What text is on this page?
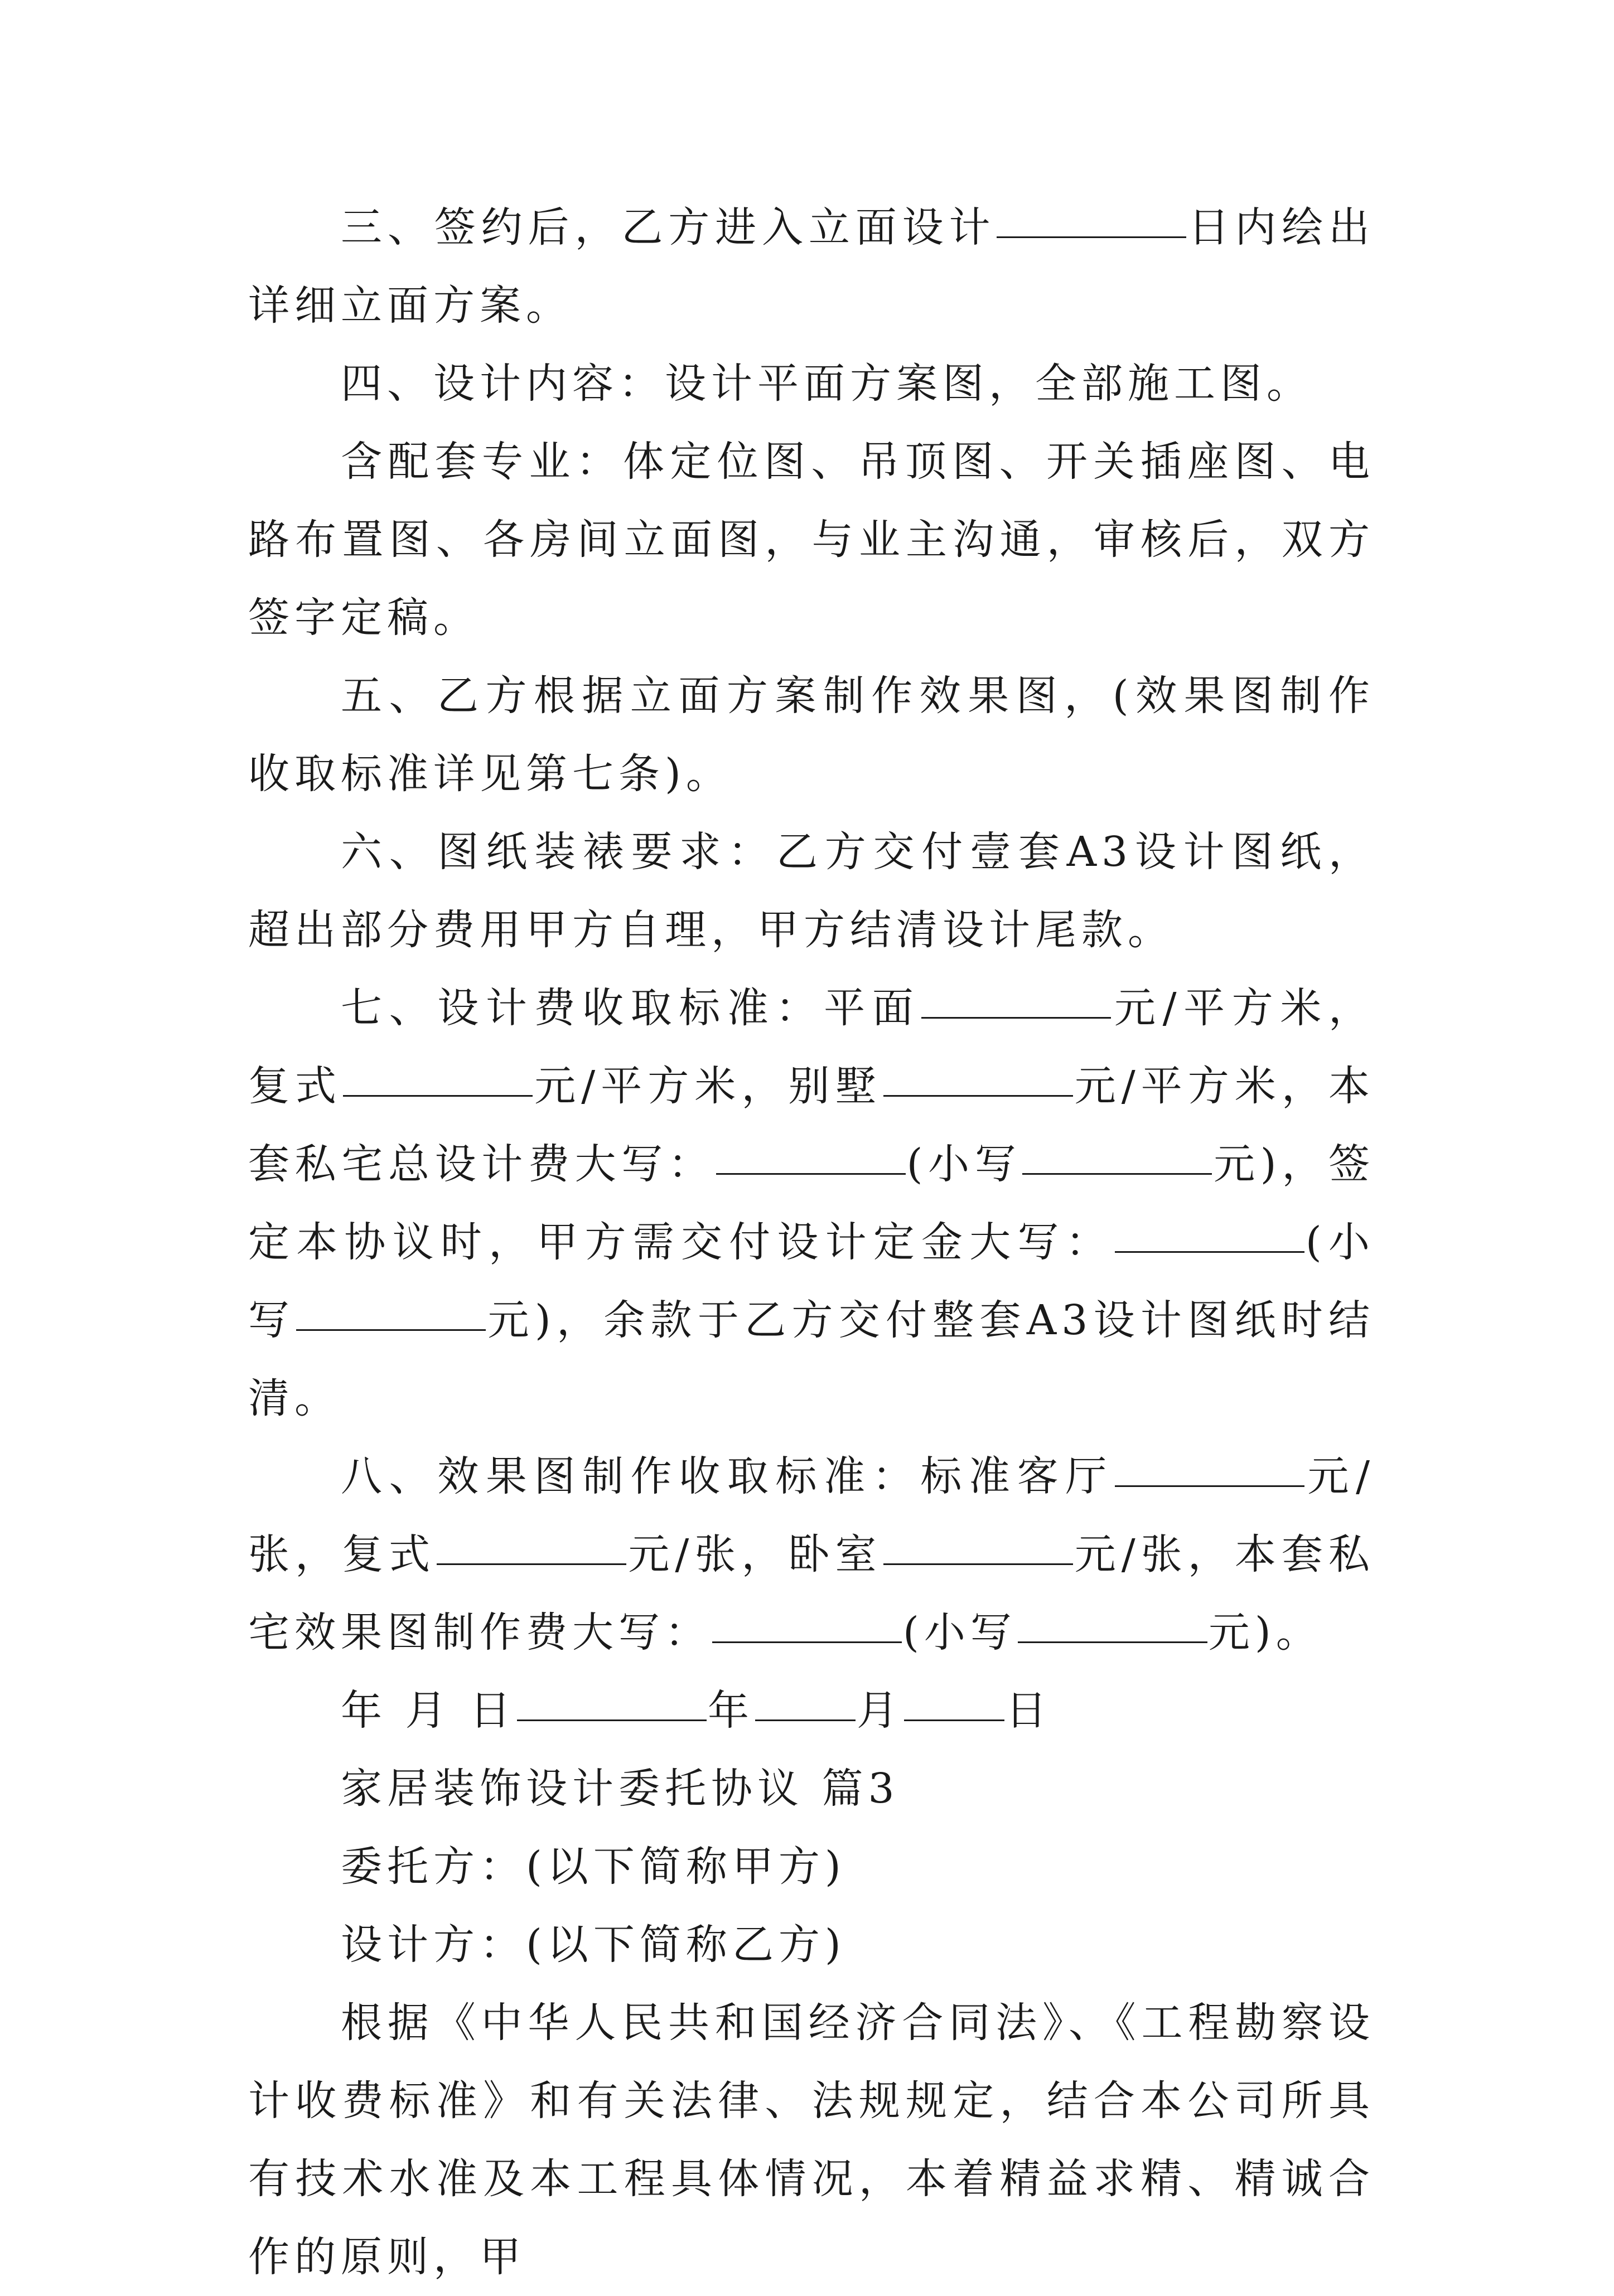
三、签约后，乙方进入立面设计	日内绘出详细立面方案。

四、设计内容：设计平面方案图，全部施工图。

含配套专业：体定位图、吊顶图、开关插座图、电路布置图、各房间立面图，与业主沟通，审核后，双方签字定稿。

五、乙方根据立面方案制作效果图，(效果图制作收取标准详见第七条)。

六、图纸装裱要求：乙方交付壹套A3设计图纸，超出部分费用甲方自理，甲方结清设计尾款。

七、设计费收取标准：平面	元/平方米，复式	元/平方米，别墅	元/平方米，本套私宅总设计费大写：	(小写	元)，签定本协议时，甲方需交付设计定金大写：	(小写	元)，余款于乙方交付整套A3设计图纸时结清。

八、效果图制作收取标准：标准客厅	元/张，复式	元/张，卧室	元/张，本套私宅效果图制作费大写：	(小写	元)。

年 月 日	年 月 日

家居装饰设计委托协议 篇3

委托方：(以下简称甲方)

设计方：(以下简称乙方)

根据《中华人民共和国经济合同法》、《工程勘察设计收费标准》和有关法律、法规规定，结合本公司所具有技术水准及本工程具体情况，本着精益求精、精诚合作的原则，甲
